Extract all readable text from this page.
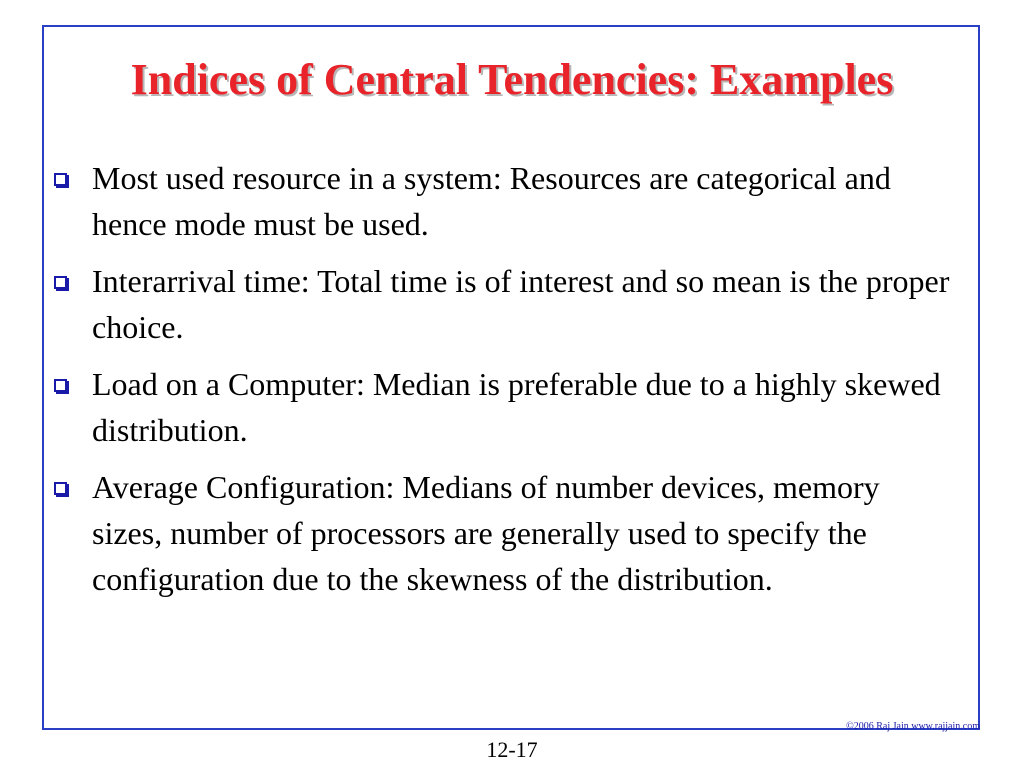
Indices of Central Tendencies: Examples
Most used resource in a system: Resources are categorical and hence mode must be used.
Interarrival time: Total time is of interest and so mean is the proper choice.
Load on a Computer: Median is preferable due to a highly skewed distribution.
Average Configuration: Medians of number devices, memory sizes, number of processors are generally used to specify the configuration due to the skewness of the distribution.
©2006 Raj Jain www.rajjain.com
12-17
